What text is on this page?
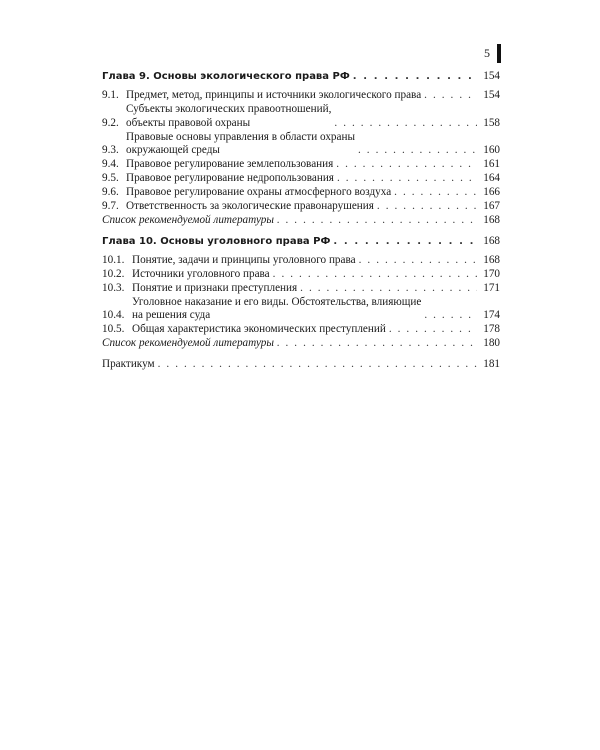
5
Глава 9. Основы экологического права РФ . . .	154
9.1. Предмет, метод, принципы и источники экологического права . . .	154
9.2.
Субъекты экологических правоотношений,
объекты правовой охраны . . .	158
9.3.
Правовые основы управления в области охраны
окружающей среды . . .	160
9.4. Правовое регулирование землепользования . . .	161
9.5. Правовое регулирование недропользования . . .	164
9.6. Правовое регулирование охраны атмосферного воздуха . . .	166
9.7. Ответственность за экологические правонарушения . . .	167
Список рекомендуемой литературы . . .	168
Глава 10. Основы уголовного права РФ . . .	168
10.1. Понятие, задачи и принципы уголовного права . . .	168
10.2. Источники уголовного права . . .	170
10.3. Понятие и признаки преступления . . .	171
10.4.
Уголовное наказание и его виды. Обстоятельства, влияющие
на решения суда . . .	174
10.5. Общая характеристика экономических преступлений . . .	178
Список рекомендуемой литературы . . .	180
Практикум . . .	181
